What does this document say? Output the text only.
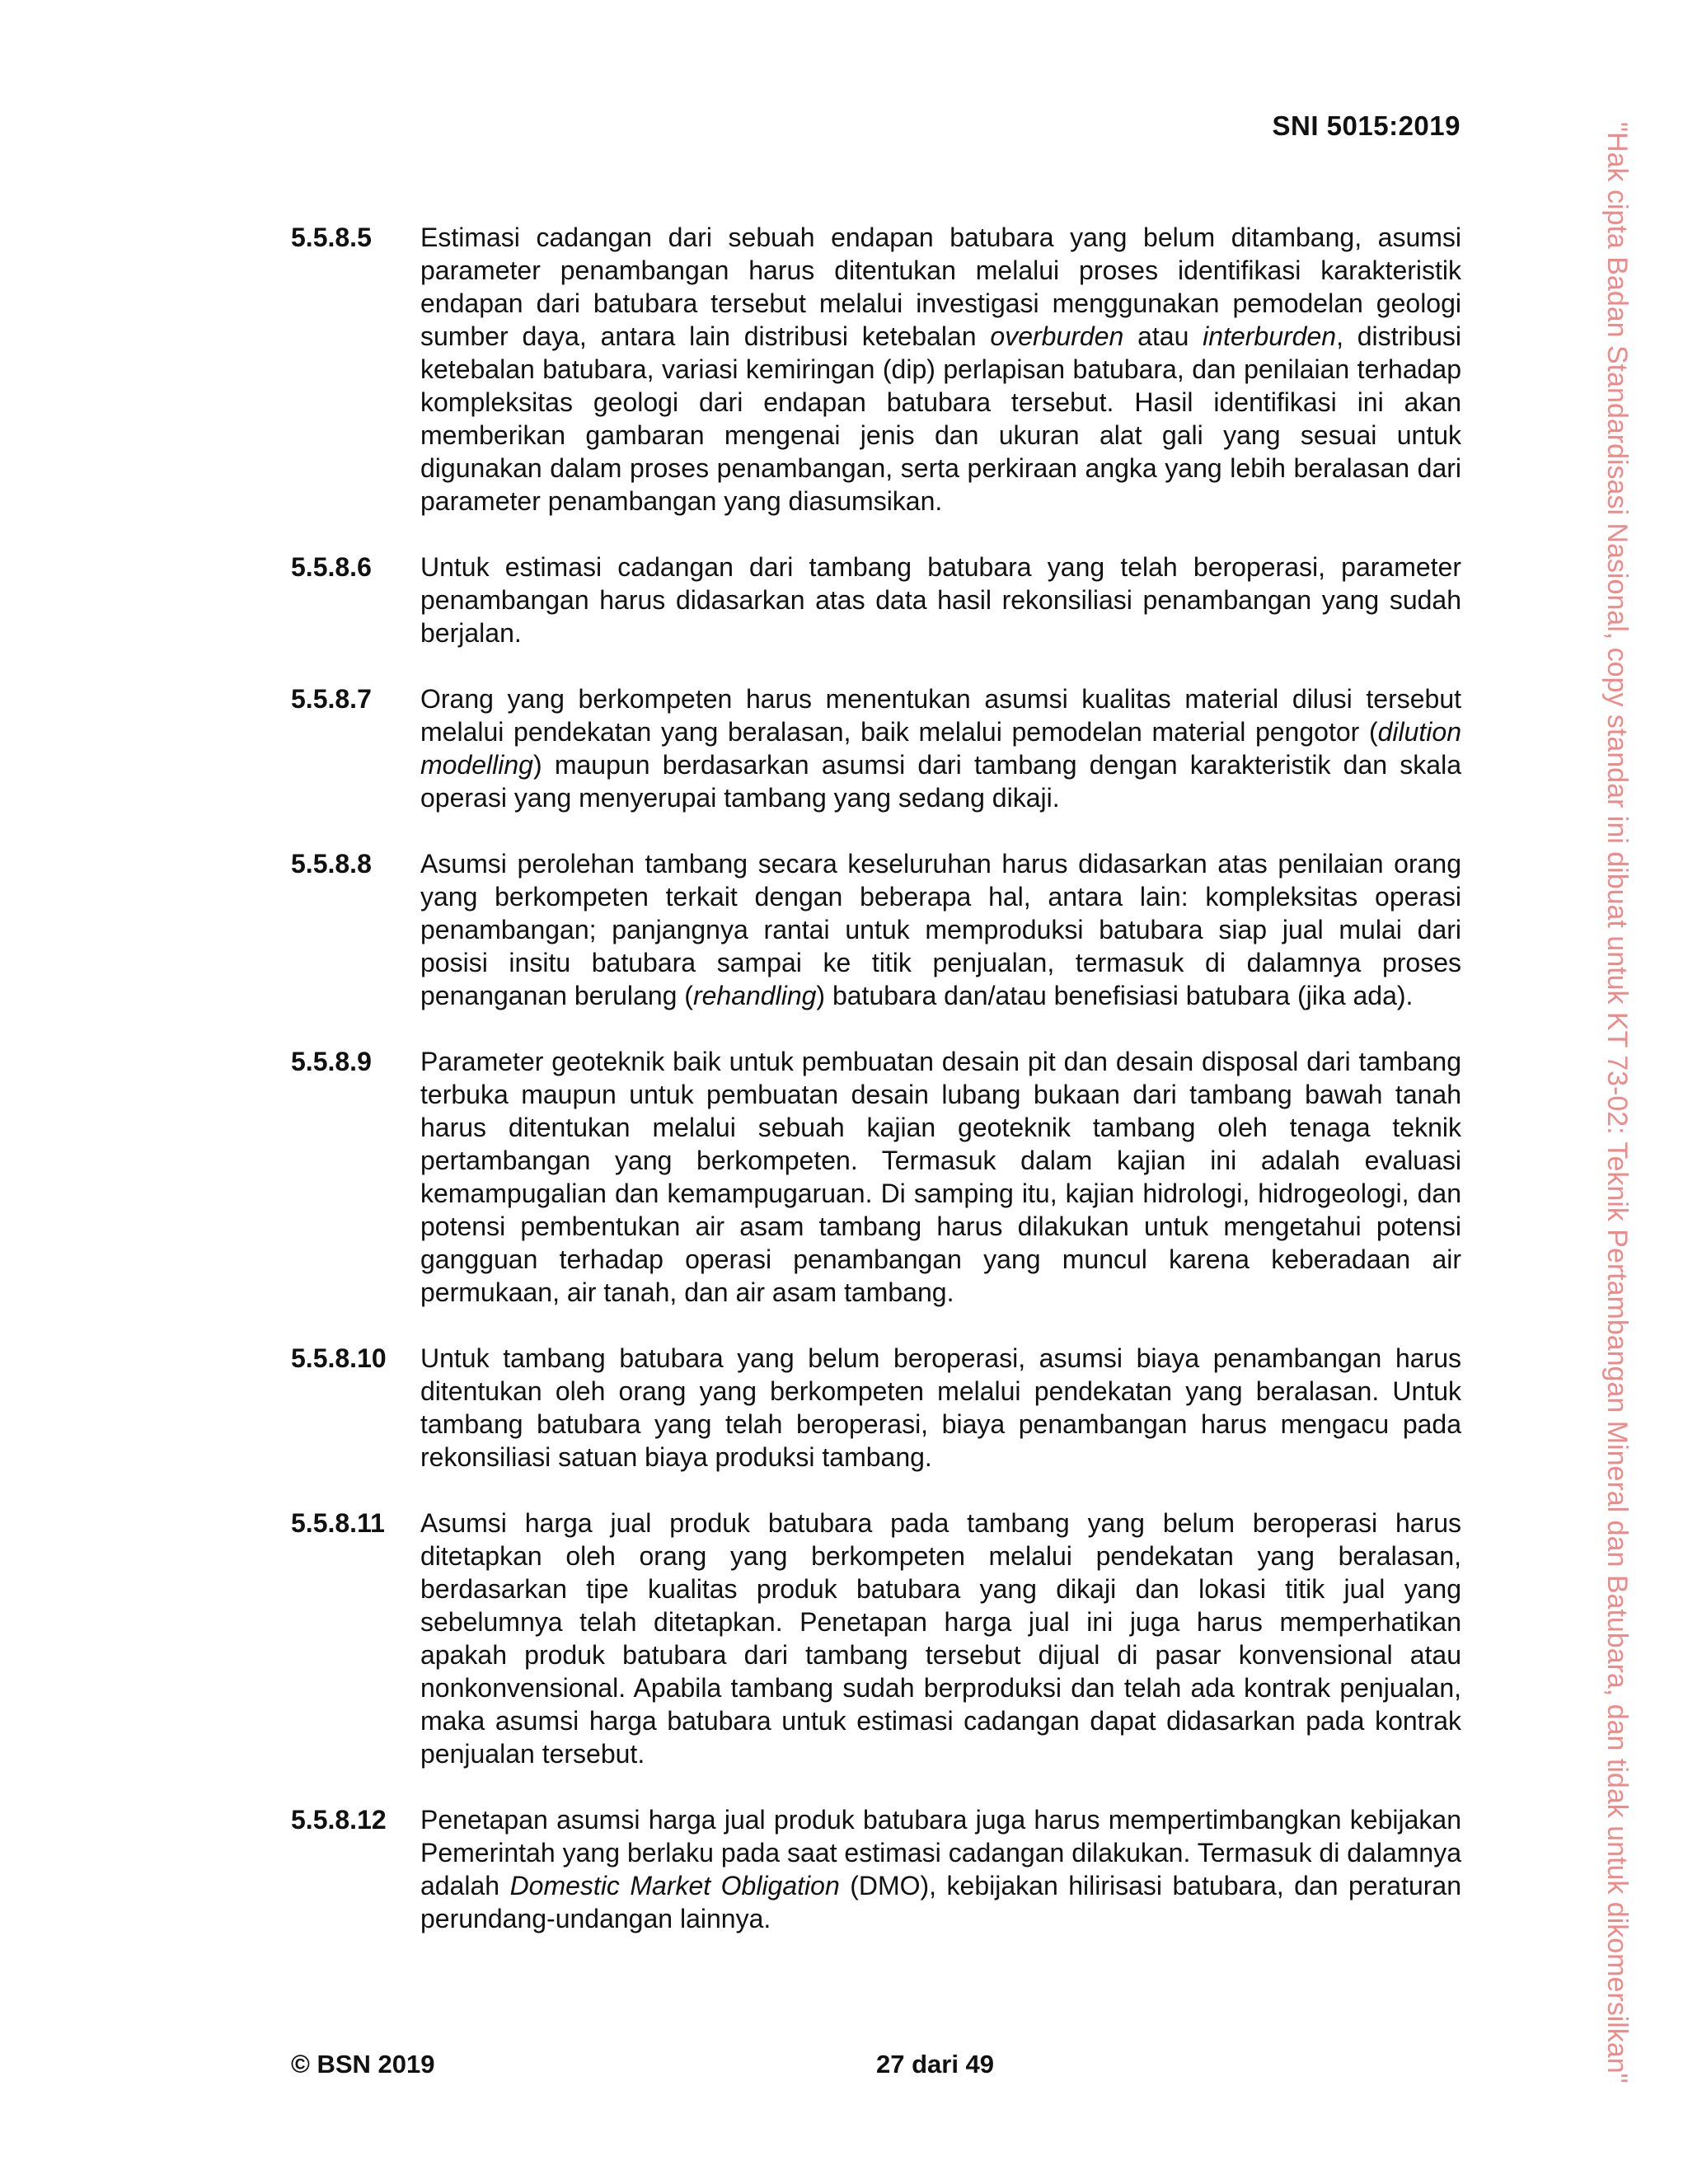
SNI 5015:2019
5.5.8.5	Estimasi cadangan dari sebuah endapan batubara yang belum ditambang, asumsi parameter penambangan harus ditentukan melalui proses identifikasi karakteristik endapan dari batubara tersebut melalui investigasi menggunakan pemodelan geologi sumber daya, antara lain distribusi ketebalan overburden atau interburden, distribusi ketebalan batubara, variasi kemiringan (dip) perlapisan batubara, dan penilaian terhadap kompleksitas geologi dari endapan batubara tersebut. Hasil identifikasi ini akan memberikan gambaran mengenai jenis dan ukuran alat gali yang sesuai untuk digunakan dalam proses penambangan, serta perkiraan angka yang lebih beralasan dari parameter penambangan yang diasumsikan.
5.5.8.6	Untuk estimasi cadangan dari tambang batubara yang telah beroperasi, parameter penambangan harus didasarkan atas data hasil rekonsiliasi penambangan yang sudah berjalan.
5.5.8.7	Orang yang berkompeten harus menentukan asumsi kualitas material dilusi tersebut melalui pendekatan yang beralasan, baik melalui pemodelan material pengotor (dilution modelling) maupun berdasarkan asumsi dari tambang dengan karakteristik dan skala operasi yang menyerupai tambang yang sedang dikaji.
5.5.8.8	Asumsi perolehan tambang secara keseluruhan harus didasarkan atas penilaian orang yang berkompeten terkait dengan beberapa hal, antara lain: kompleksitas operasi penambangan; panjangnya rantai untuk memproduksi batubara siap jual mulai dari posisi insitu batubara sampai ke titik penjualan, termasuk di dalamnya proses penanganan berulang (rehandling) batubara dan/atau benefisiasi batubara (jika ada).
5.5.8.9	Parameter geoteknik baik untuk pembuatan desain pit dan desain disposal dari tambang terbuka maupun untuk pembuatan desain lubang bukaan dari tambang bawah tanah harus ditentukan melalui sebuah kajian geoteknik tambang oleh tenaga teknik pertambangan yang berkompeten. Termasuk dalam kajian ini adalah evaluasi kemampugalian dan kemampugaruan. Di samping itu, kajian hidrologi, hidrogeologi, dan potensi pembentukan air asam tambang harus dilakukan untuk mengetahui potensi gangguan terhadap operasi penambangan yang muncul karena keberadaan air permukaan, air tanah, dan air asam tambang.
5.5.8.10	Untuk tambang batubara yang belum beroperasi, asumsi biaya penambangan harus ditentukan oleh orang yang berkompeten melalui pendekatan yang beralasan. Untuk tambang batubara yang telah beroperasi, biaya penambangan harus mengacu pada rekonsiliasi satuan biaya produksi tambang.
5.5.8.11	Asumsi harga jual produk batubara pada tambang yang belum beroperasi harus ditetapkan oleh orang yang berkompeten melalui pendekatan yang beralasan, berdasarkan tipe kualitas produk batubara yang dikaji dan lokasi titik jual yang sebelumnya telah ditetapkan. Penetapan harga jual ini juga harus memperhatikan apakah produk batubara dari tambang tersebut dijual di pasar konvensional atau nonkonvensional. Apabila tambang sudah berproduksi dan telah ada kontrak penjualan, maka asumsi harga batubara untuk estimasi cadangan dapat didasarkan pada kontrak penjualan tersebut.
5.5.8.12	Penetapan asumsi harga jual produk batubara juga harus mempertimbangkan kebijakan Pemerintah yang berlaku pada saat estimasi cadangan dilakukan. Termasuk di dalamnya adalah Domestic Market Obligation (DMO), kebijakan hilirisasi batubara, dan peraturan perundang-undangan lainnya.
© BSN 2019	27 dari 49	"Hak cipta Badan Standardisasi Nasional, copy standar ini dibuat untuk KT 73-02: Teknik Pertambangan Mineral dan Batubara, dan tidak untuk dikomersilkan"
